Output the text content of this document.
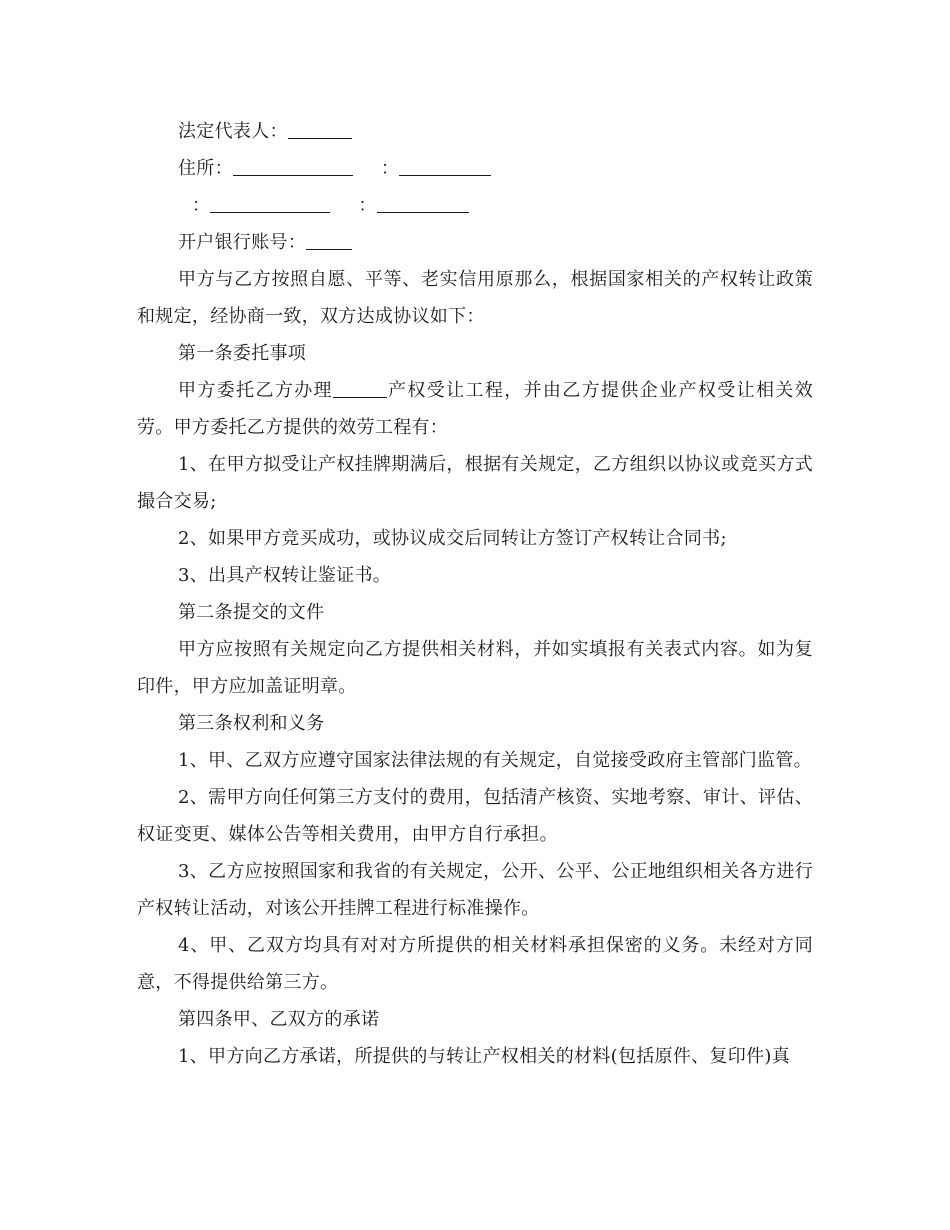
法定代表人：
住所：	：
：	：
开户银行账号：
甲方与乙方按照自愿、平等、老实信用原那么，根据国家相关的产权转让政策和规定，经协商一致，双方达成协议如下：
第一条委托事项
甲方委托乙方办理	产权受让工程，并由乙方提供企业产权受让相关效劳。甲方委托乙方提供的效劳工程有：
1、在甲方拟受让产权挂牌期满后，根据有关规定，乙方组织以协议或竞买方式撮合交易;
2、如果甲方竞买成功，或协议成交后同转让方签订产权转让合同书;
3、出具产权转让鉴证书。
第二条提交的文件
甲方应按照有关规定向乙方提供相关材料，并如实填报有关表式内容。如为复印件，甲方应加盖证明章。
第三条权利和义务
1、甲、乙双方应遵守国家法律法规的有关规定，自觉接受政府主管部门监管。
2、需甲方向任何第三方支付的费用，包括清产核资、实地考察、审计、评估、权证变更、媒体公告等相关费用，由甲方自行承担。
3、乙方应按照国家和我省的有关规定，公开、公平、公正地组织相关各方进行产权转让活动，对该公开挂牌工程进行标准操作。
4、甲、乙双方均具有对对方所提供的相关材料承担保密的义务。未经对方同意，不得提供给第三方。
第四条甲、乙双方的承诺
1、甲方向乙方承诺，所提供的与转让产权相关的材料(包括原件、复印件)真
